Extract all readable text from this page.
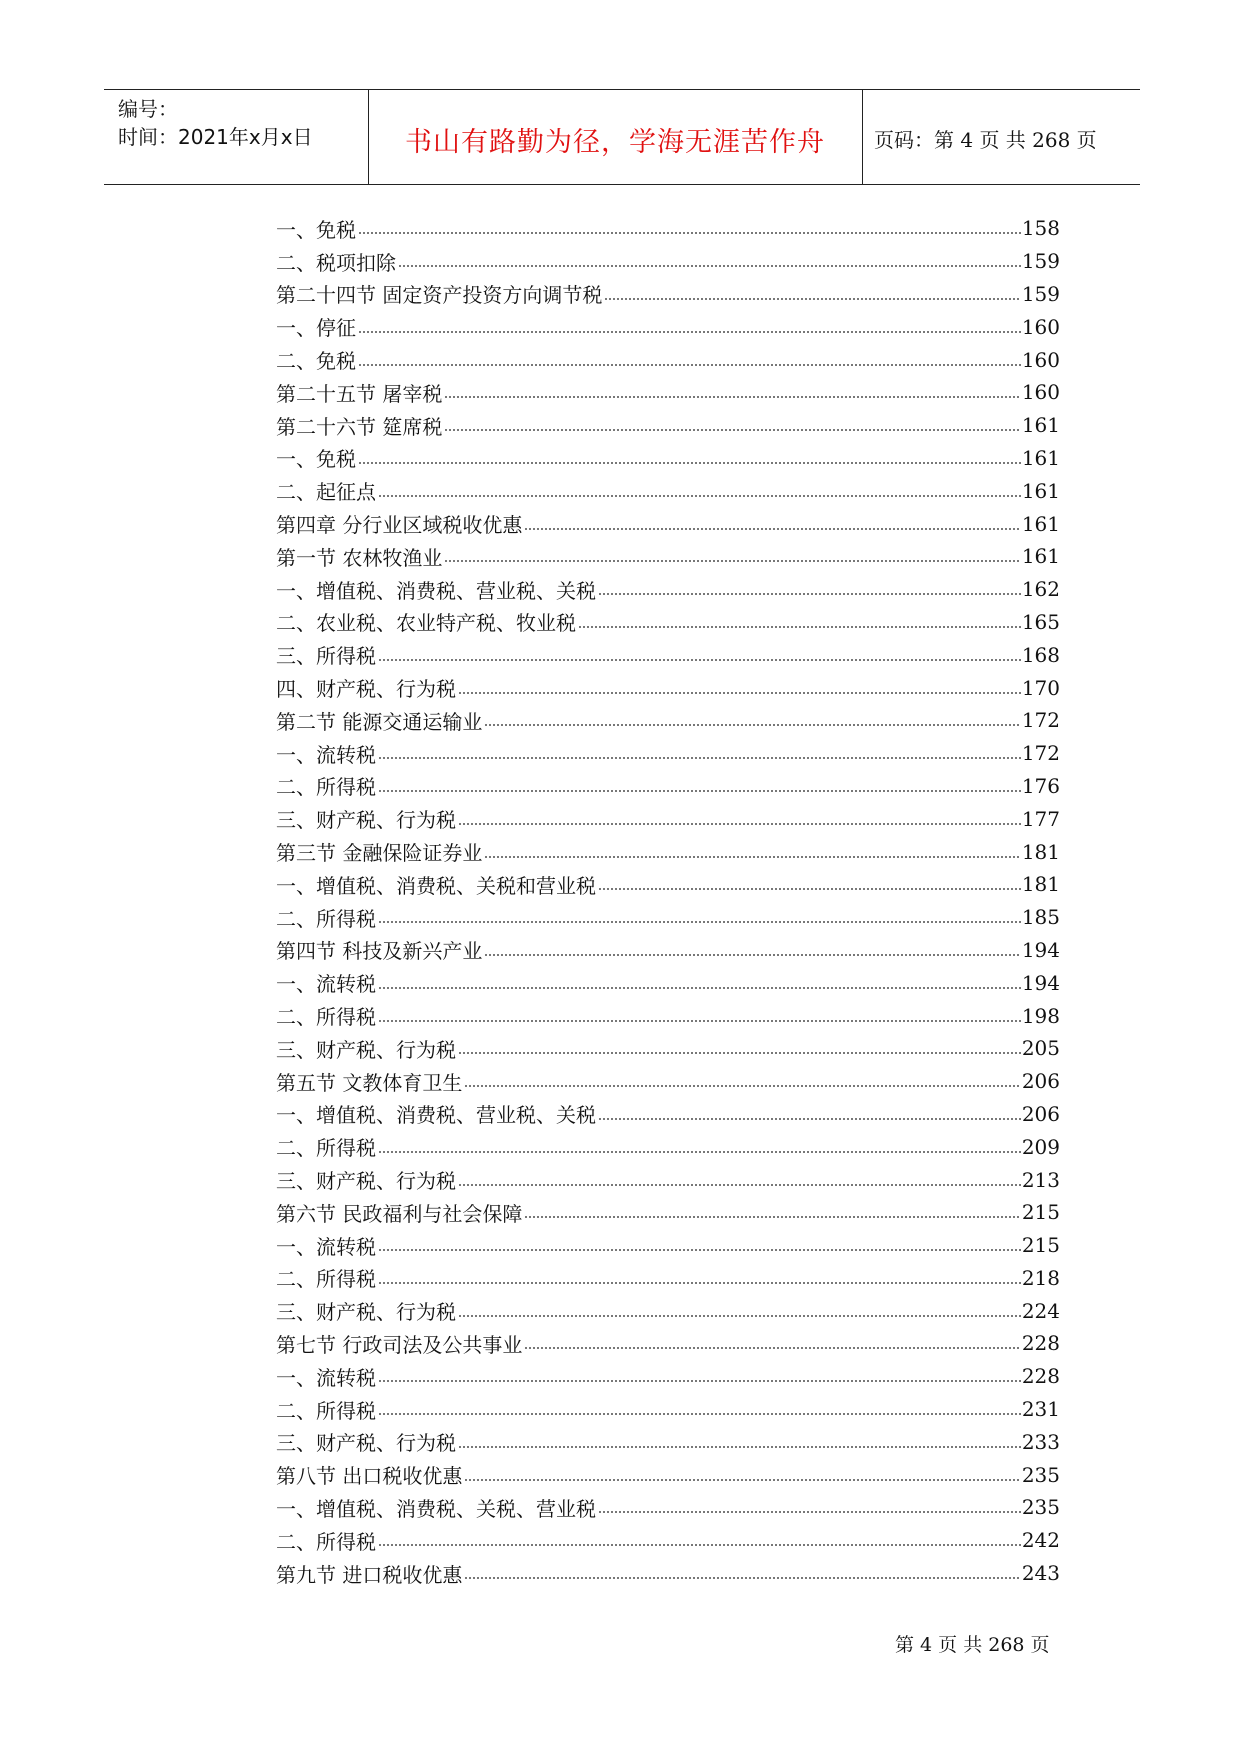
编号：
时间：2021年x月x日	书山有路勤为径，学海无涯苦作舟	页码：第 4 页 共 268 页
一、免税	158
二、税项扣除	159
第二十四节 固定资产投资方向调节税	159
一、停征	160
二、免税	160
第二十五节 屠宰税	160
第二十六节 筵席税	161
一、免税	161
二、起征点	161
第四章 分行业区域税收优惠	161
第一节 农林牧渔业	161
一、增值税、消费税、营业税、关税	162
二、农业税、农业特产税、牧业税	165
三、所得税	168
四、财产税、行为税	170
第二节 能源交通运输业	172
一、流转税	172
二、所得税	176
三、财产税、行为税	177
第三节 金融保险证券业	181
一、增值税、消费税、关税和营业税	181
二、所得税	185
第四节 科技及新兴产业	194
一、流转税	194
二、所得税	198
三、财产税、行为税	205
第五节 文教体育卫生	206
一、增值税、消费税、营业税、关税	206
二、所得税	209
三、财产税、行为税	213
第六节 民政福利与社会保障	215
一、流转税	215
二、所得税	218
三、财产税、行为税	224
第七节 行政司法及公共事业	228
一、流转税	228
二、所得税	231
三、财产税、行为税	233
第八节 出口税收优惠	235
一、增值税、消费税、关税、营业税	235
二、所得税	242
第九节 进口税收优惠	243
第 4 页 共 268 页
